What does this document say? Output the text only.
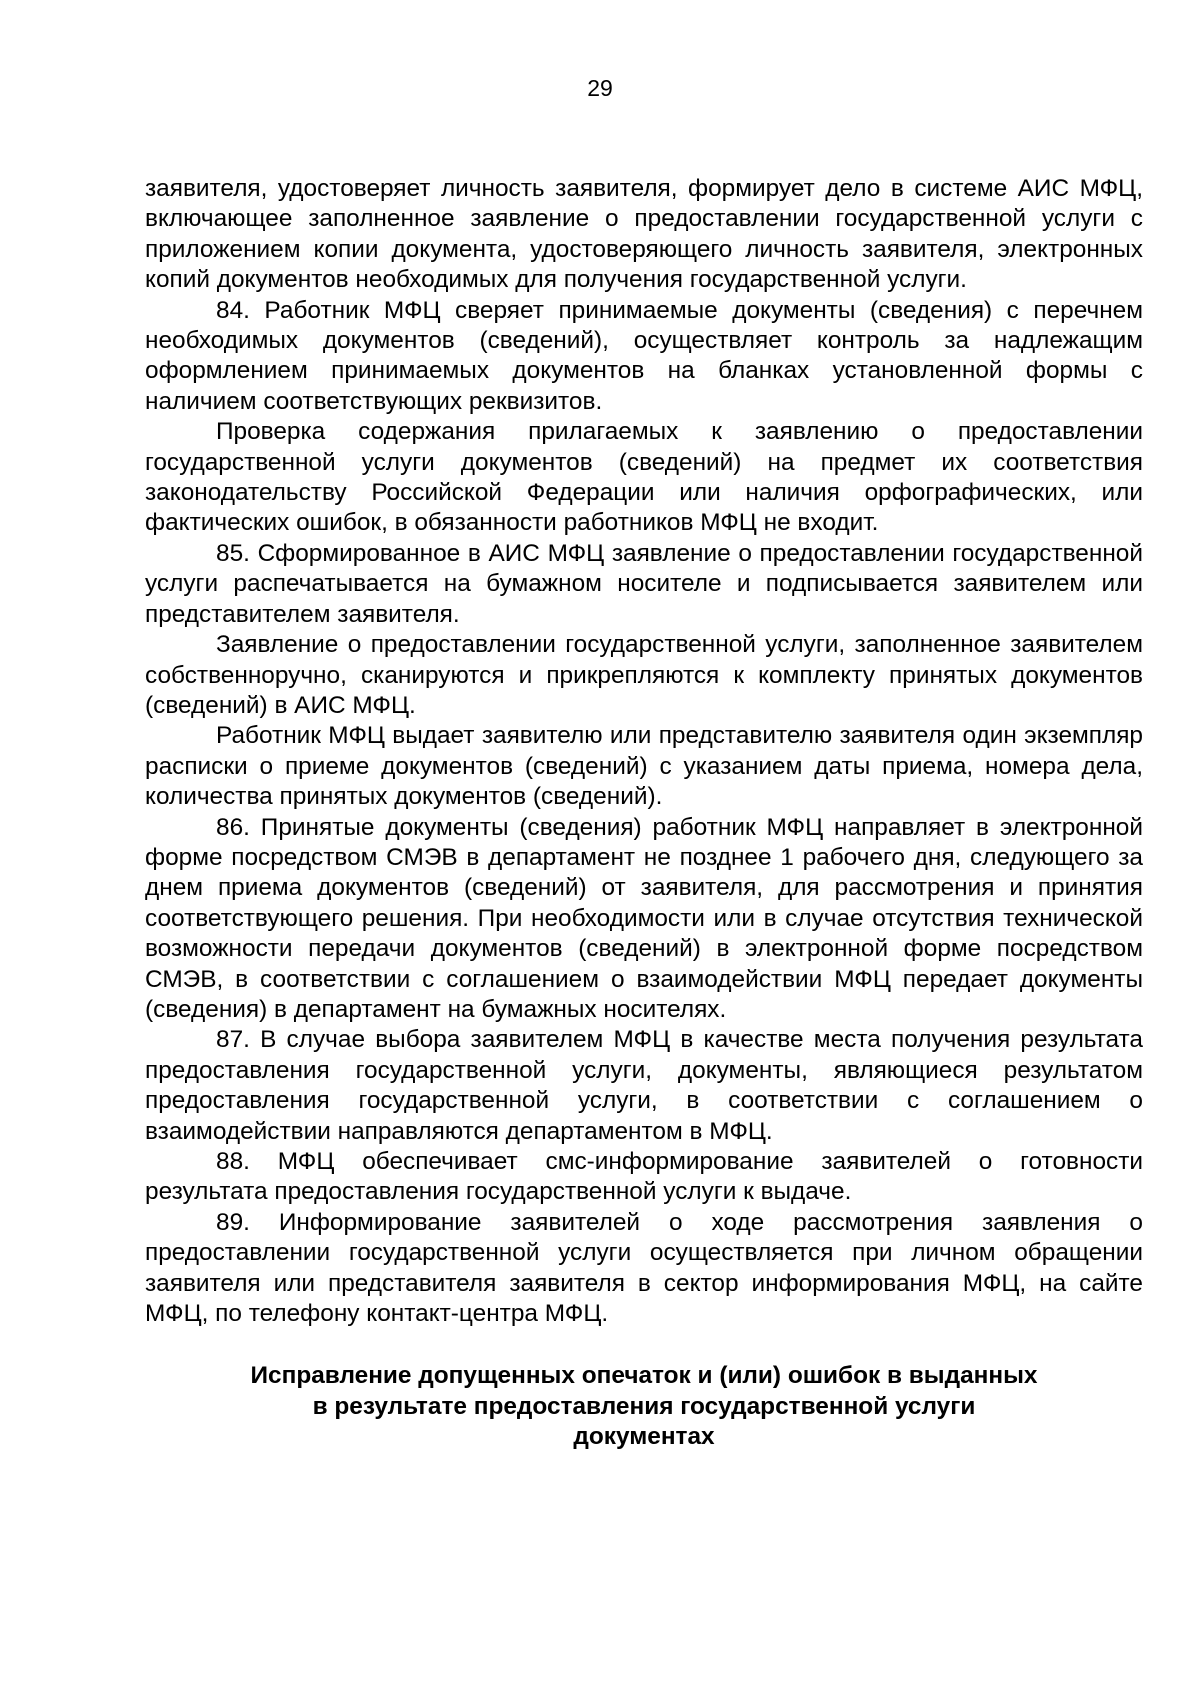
29

заявителя, удостоверяет личность заявителя, формирует дело в системе АИС МФЦ, включающее заполненное заявление о предоставлении государственной услуги с приложением копии документа, удостоверяющего личность заявителя, электронных копий документов необходимых для получения государственной услуги.

84. Работник МФЦ сверяет принимаемые документы (сведения) с перечнем необходимых документов (сведений), осуществляет контроль за надлежащим оформлением принимаемых документов на бланках установленной формы с наличием соответствующих реквизитов.

Проверка содержания прилагаемых к заявлению о предоставлении государственной услуги документов (сведений) на предмет их соответствия законодательству Российской Федерации или наличия орфографических, или фактических ошибок, в обязанности работников МФЦ не входит.

85. Сформированное в АИС МФЦ заявление о предоставлении государственной услуги распечатывается на бумажном носителе и подписывается заявителем или представителем заявителя.

Заявление о предоставлении государственной услуги, заполненное заявителем собственноручно, сканируются и прикрепляются к комплекту принятых документов (сведений) в АИС МФЦ.

Работник МФЦ выдает заявителю или представителю заявителя один экземпляр расписки о приеме документов (сведений) с указанием даты приема, номера дела, количества принятых документов (сведений).

86. Принятые документы (сведения) работник МФЦ направляет в электронной форме посредством СМЭВ в департамент не позднее 1 рабочего дня, следующего за днем приема документов (сведений) от заявителя, для рассмотрения и принятия соответствующего решения. При необходимости или в случае отсутствия технической возможности передачи документов (сведений) в электронной форме посредством СМЭВ, в соответствии с соглашением о взаимодействии МФЦ передает документы (сведения) в департамент на бумажных носителях.

87. В случае выбора заявителем МФЦ в качестве места получения результата предоставления государственной услуги, документы, являющиеся результатом предоставления государственной услуги, в соответствии с соглашением о взаимодействии направляются департаментом в МФЦ.

88. МФЦ обеспечивает смс-информирование заявителей о готовности результата предоставления государственной услуги к выдаче.

89. Информирование заявителей о ходе рассмотрения заявления о предоставлении государственной услуги осуществляется при личном обращении заявителя или представителя заявителя в сектор информирования МФЦ, на сайте МФЦ, по телефону контакт-центра МФЦ.

Исправление допущенных опечаток и (или) ошибок в выданных
в результате предоставления государственной услуги
документах
